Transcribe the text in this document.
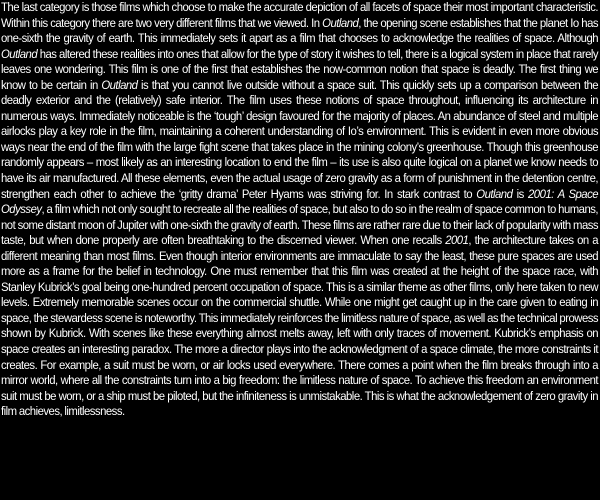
The last category is those films which choose to make the accurate depiction of all facets of space their most important characteristic. Within this category there are two very different films that we viewed. In Outland, the opening scene establishes that the planet Io has one-sixth the gravity of earth. This immediately sets it apart as a film that chooses to acknowledge the realities of space. Although Outland has altered these realities into ones that allow for the type of story it wishes to tell, there is a logical system in place that rarely leaves one wondering. This film is one of the first that establishes the now-common notion that space is deadly. The first thing we know to be certain in Outland is that you cannot live outside without a space suit. This quickly sets up a comparison between the deadly exterior and the (relatively) safe interior. The film uses these notions of space throughout, influencing its architecture in numerous ways. Immediately noticeable is the ‘tough’ design favoured for the majority of places. An abundance of steel and multiple airlocks play a key role in the film, maintaining a coherent understanding of Io’s environment. This is evident in even more obvious ways near the end of the film with the large fight scene that takes place in the mining colony’s greenhouse. Though this greenhouse randomly appears – most likely as an interesting location to end the film – its use is also quite logical on a planet we know needs to have its air manufactured. All these elements, even the actual usage of zero gravity as a form of punishment in the detention centre, strengthen each other to achieve the ‘gritty drama’ Peter Hyams was striving for. In stark contrast to Outland is 2001: A Space Odyssey, a film which not only sought to recreate all the realities of space, but also to do so in the realm of space common to humans, not some distant moon of Jupiter with one-sixth the gravity of earth. These films are rather rare due to their lack of popularity with mass taste, but when done properly are often breathtaking to the discerned viewer. When one recalls 2001, the architecture takes on a different meaning than most films. Even though interior environments are immaculate to say the least, these pure spaces are used more as a frame for the belief in technology. One must remember that this film was created at the height of the space race, with Stanley Kubrick’s goal being one-hundred percent occupation of space. This is a similar theme as other films, only here taken to new levels. Extremely memorable scenes occur on the commercial shuttle. While one might get caught up in the care given to eating in space, the stewardess scene is noteworthy. This immediately reinforces the limitless nature of space, as well as the technical prowess shown by Kubrick. With scenes like these everything almost melts away, left with only traces of movement. Kubrick’s emphasis on space creates an interesting paradox. The more a director plays into the acknowledgment of a space climate, the more constraints it creates. For example, a suit must be worn, or air locks used everywhere. There comes a point when the film breaks through into a mirror world, where all the constraints turn into a big freedom: the limitless nature of space. To achieve this freedom an environment suit must be worn, or a ship must be piloted, but the infiniteness is unmistakable. This is what the acknowledgement of zero gravity in film achieves, limitlessness.
